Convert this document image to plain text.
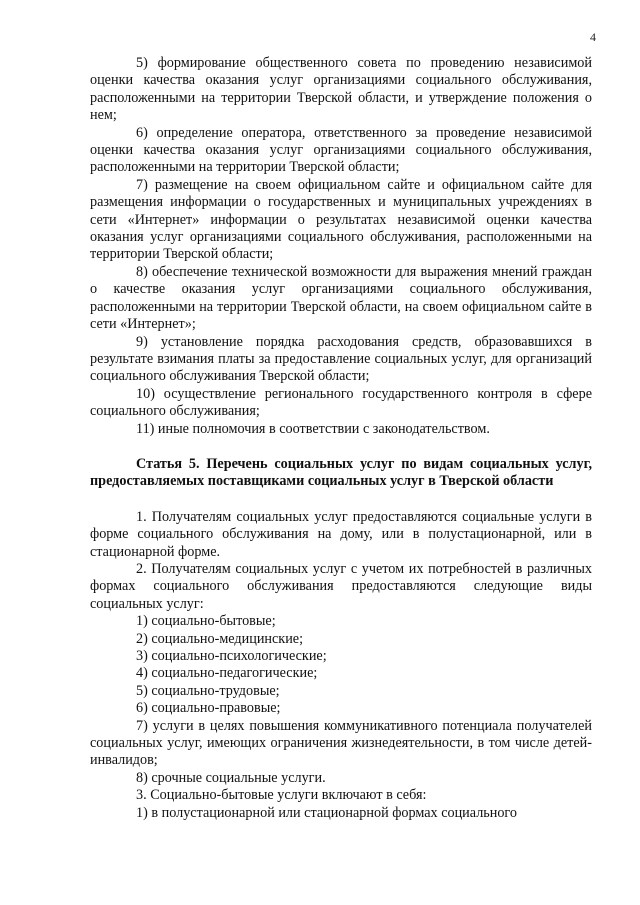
4

5) формирование общественного совета по проведению независимой оценки качества оказания услуг организациями социального обслуживания, расположенными на территории Тверской области, и утверждение положения о нем;

6) определение оператора, ответственного за проведение независимой оценки качества оказания услуг организациями социального обслуживания, расположенными на территории Тверской области;

7) размещение на своем официальном сайте и официальном сайте для размещения информации о государственных и муниципальных учреждениях в сети «Интернет» информации о результатах независимой оценки качества оказания услуг организациями социального обслуживания, расположенными на территории Тверской области;

8) обеспечение технической возможности для выражения мнений граждан о качестве оказания услуг организациями социального обслуживания, расположенными на территории Тверской области, на своем официальном сайте в сети «Интернет»;

9) установление порядка расходования средств, образовавшихся в результате взимания платы за предоставление социальных услуг, для организаций социального обслуживания Тверской области;

10) осуществление регионального государственного контроля в сфере социального обслуживания;

11) иные полномочия в соответствии с законодательством.

Статья 5. Перечень социальных услуг по видам социальных услуг, предоставляемых поставщиками социальных услуг в Тверской области

1. Получателям социальных услуг предоставляются социальные услуги в форме социального обслуживания на дому, или в полустационарной, или в стационарной форме.

2. Получателям социальных услуг с учетом их потребностей в различных формах социального обслуживания предоставляются следующие виды социальных услуг:

1) социально-бытовые;

2) социально-медицинские;

3) социально-психологические;

4) социально-педагогические;

5) социально-трудовые;

6) социально-правовые;

7) услуги в целях повышения коммуникативного потенциала получателей социальных услуг, имеющих ограничения жизнедеятельности, в том числе детей-инвалидов;

8) срочные социальные услуги.

3. Социально-бытовые услуги включают в себя:

1) в полустационарной или стационарной формах социального
